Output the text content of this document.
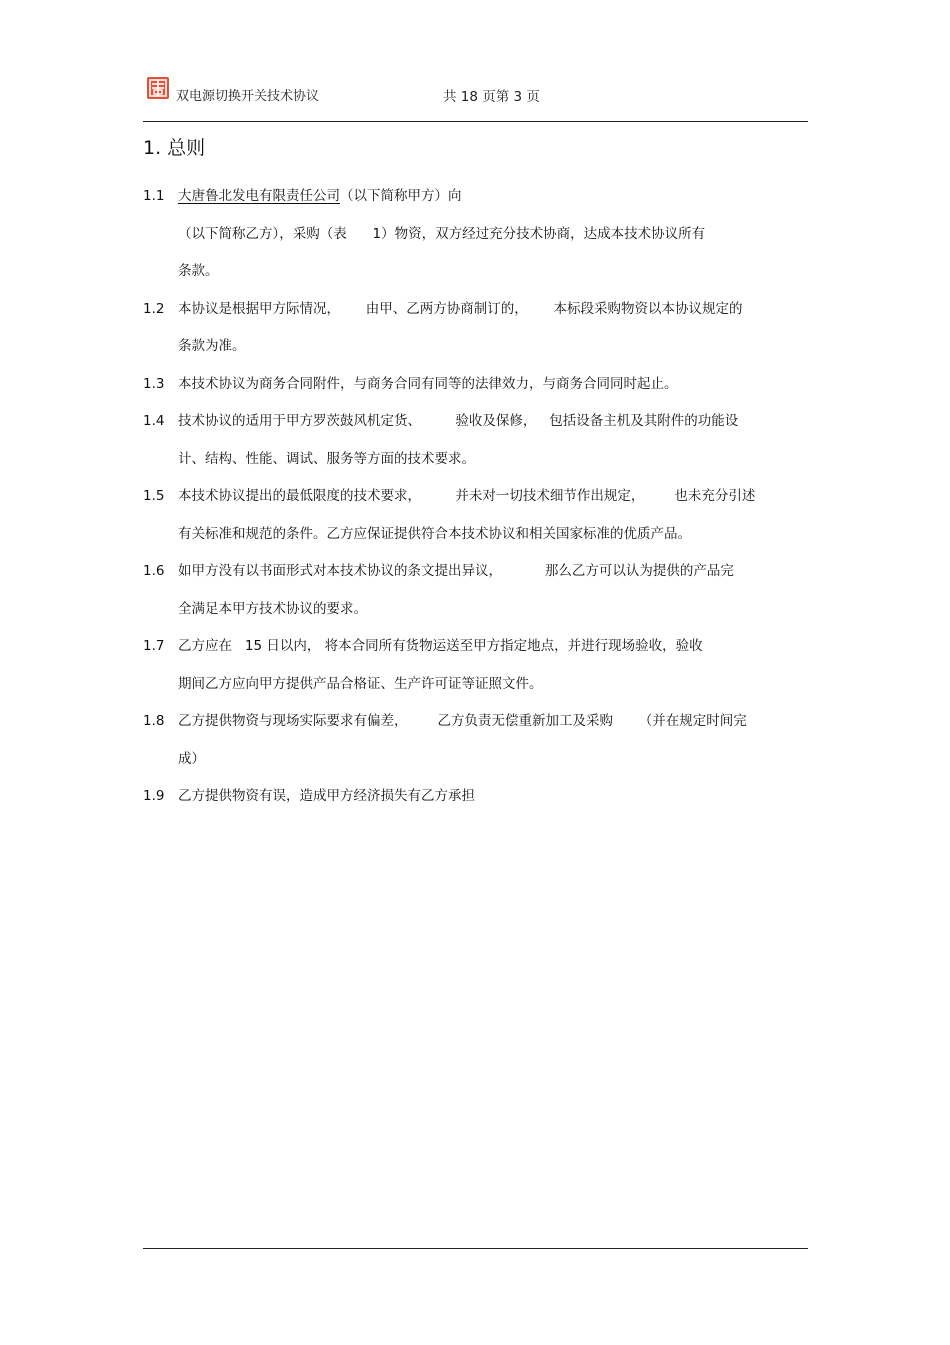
双电源切换开关技术协议	共 18 页第 3 页
1. 总则
1.1	大唐鲁北发电有限责任公司（以下简称甲方）向
（以下简称乙方），采购（表      1）物资，双方经过充分技术协商，达成本技术协议所有
条款。
1.2	本协议是根据甲方际情况，      由甲、乙两方协商制订的，      本标段采购物资以本协议规定的
条款为准。
1.3	本技术协议为商务合同附件，与商务合同有同等的法律效力，与商务合同同时起止。
1.4	技术协议的适用于甲方罗茨鼓风机定货、        验收及保修，   包括设备主机及其附件的功能设
计、结构、性能、调试、服务等方面的技术要求。
1.5	本技术协议提出的最低限度的技术要求，        并未对一切技术细节作出规定，       也未充分引述
有关标准和规范的条件。乙方应保证提供符合本技术协议和相关国家标准的优质产品。
1.6	如甲方没有以书面形式对本技术协议的条文提出异议，          那么乙方可以认为提供的产品完
全满足本甲方技术协议的要求。
1.7	乙方应在   15 日以内， 将本合同所有货物运送至甲方指定地点，并进行现场验收，验收
期间乙方应向甲方提供产品合格证、生产许可证等证照文件。
1.8	乙方提供物资与现场实际要求有偏差，       乙方负责无偿重新加工及采购      （并在规定时间完
成）
1.9	乙方提供物资有误，造成甲方经济损失有乙方承担
